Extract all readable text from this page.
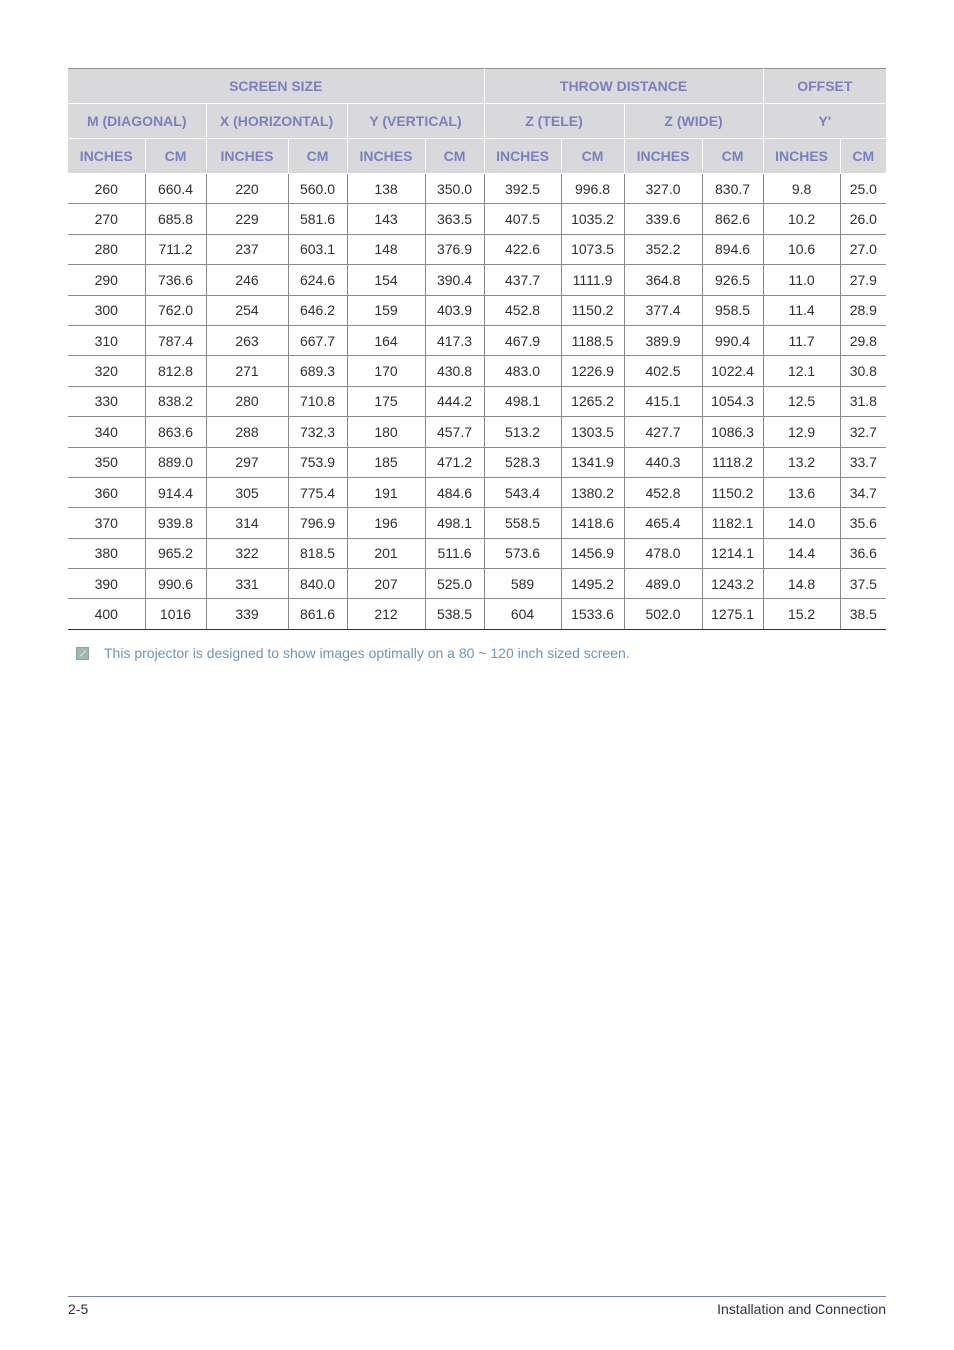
SCREEN SIZE						THROW DISTANCE				OFFSET	
M (DIAGONAL)		X (HORIZONTAL)		Y (VERTICAL)		Z (TELE)		Z (WIDE)		Y'	
INCHES	CM	INCHES	CM	INCHES	CM	INCHES	CM	INCHES	CM	INCHES	CM
260	660.4	220	560.0	138	350.0	392.5	996.8	327.0	830.7	9.8	25.0
270	685.8	229	581.6	143	363.5	407.5	1035.2	339.6	862.6	10.2	26.0
280	711.2	237	603.1	148	376.9	422.6	1073.5	352.2	894.6	10.6	27.0
290	736.6	246	624.6	154	390.4	437.7	1111.9	364.8	926.5	11.0	27.9
300	762.0	254	646.2	159	403.9	452.8	1150.2	377.4	958.5	11.4	28.9
310	787.4	263	667.7	164	417.3	467.9	1188.5	389.9	990.4	11.7	29.8
320	812.8	271	689.3	170	430.8	483.0	1226.9	402.5	1022.4	12.1	30.8
330	838.2	280	710.8	175	444.2	498.1	1265.2	415.1	1054.3	12.5	31.8
340	863.6	288	732.3	180	457.7	513.2	1303.5	427.7	1086.3	12.9	32.7
350	889.0	297	753.9	185	471.2	528.3	1341.9	440.3	1118.2	13.2	33.7
360	914.4	305	775.4	191	484.6	543.4	1380.2	452.8	1150.2	13.6	34.7
370	939.8	314	796.9	196	498.1	558.5	1418.6	465.4	1182.1	14.0	35.6
380	965.2	322	818.5	201	511.6	573.6	1456.9	478.0	1214.1	14.4	36.6
390	990.6	331	840.0	207	525.0	589	1495.2	489.0	1243.2	14.8	37.5
400	1016	339	861.6	212	538.5	604	1533.6	502.0	1275.1	15.2	38.5
This projector is designed to show images optimally on a 80 ~ 120 inch sized screen.
2-5	Installation and Connection
